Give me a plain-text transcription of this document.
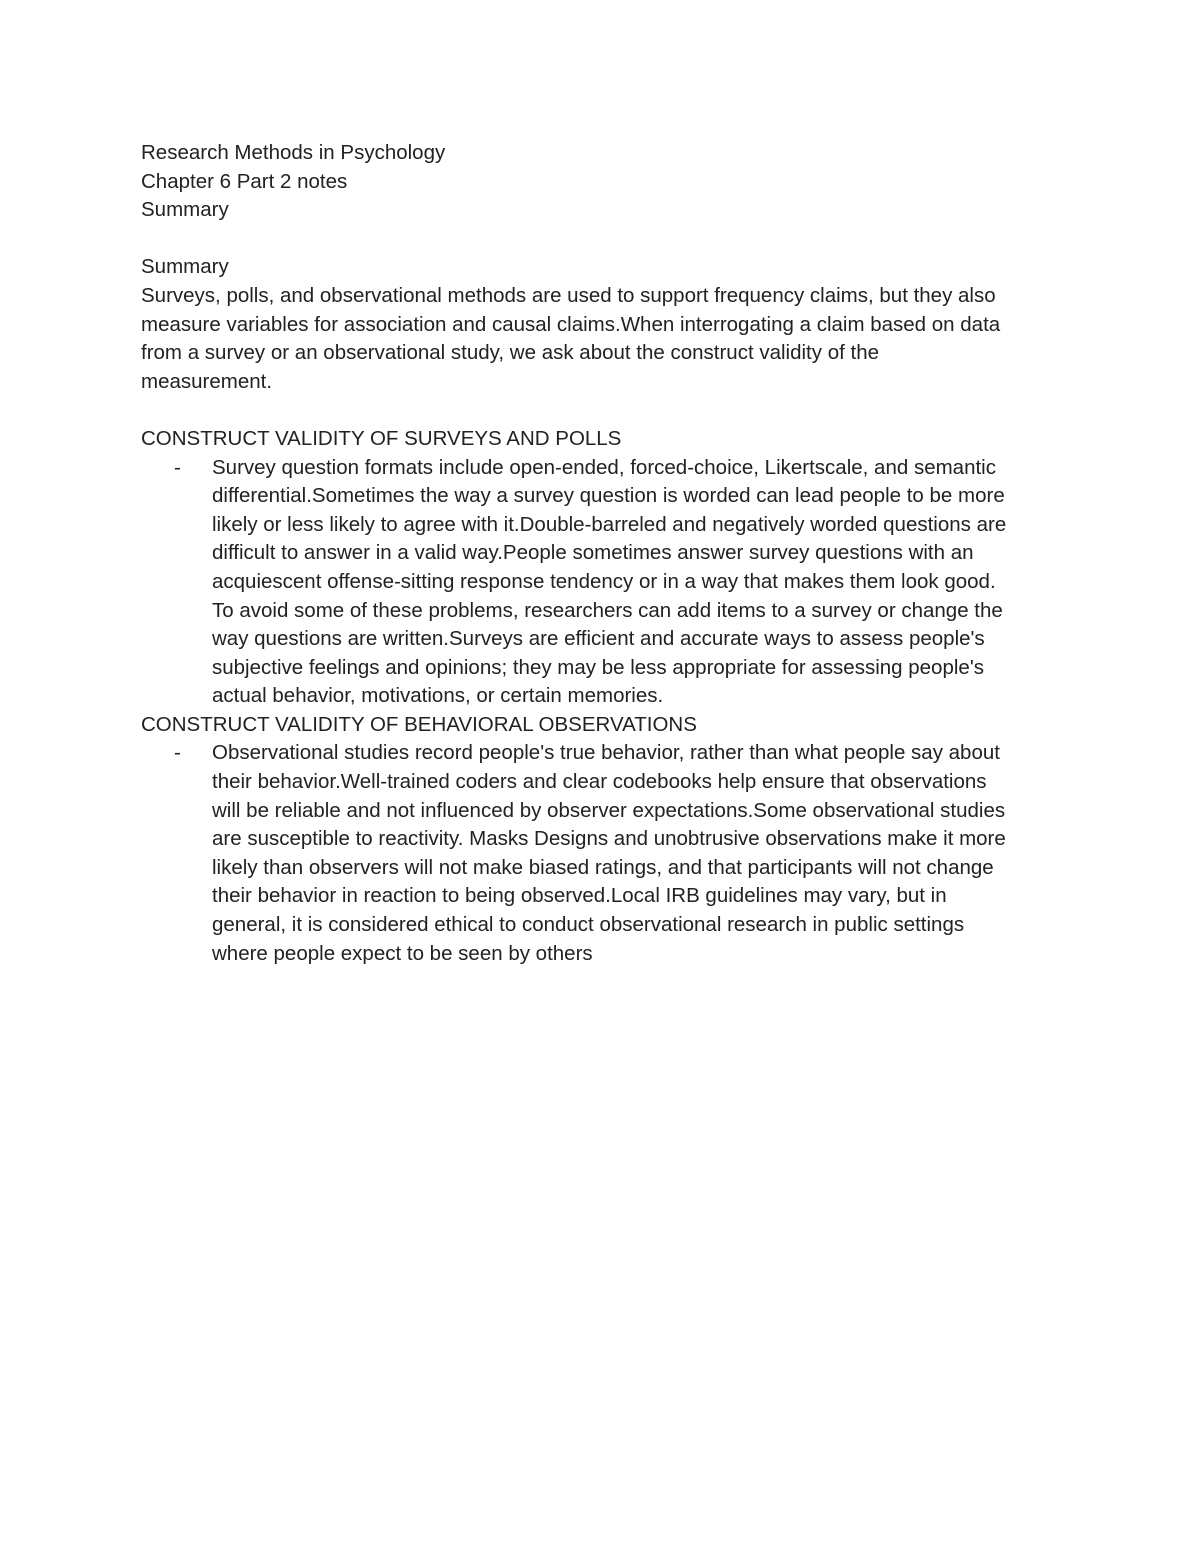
Research Methods in Psychology
Chapter 6 Part 2 notes
Summary
Summary
Surveys, polls, and observational methods are used to support frequency claims, but they also
measure variables for association and causal claims.When interrogating a claim based on data
from a survey or an observational study, we ask about the construct validity of the
measurement.
CONSTRUCT VALIDITY OF SURVEYS AND POLLS
- Survey question formats include open-ended, forced-choice, Likertscale, and semantic
differential.Sometimes the way a survey question is worded can lead people to be more
likely or less likely to agree with it.Double-barreled and negatively worded questions are
difficult to answer in a valid way.People sometimes answer survey questions with an
acquiescent offense-sitting response tendency or in a way that makes them look good.
To avoid some of these problems, researchers can add items to a survey or change the
way questions are written.Surveys are efficient and accurate ways to assess people's
subjective feelings and opinions; they may be less appropriate for assessing people's
actual behavior, motivations, or certain memories.
CONSTRUCT VALIDITY OF BEHAVIORAL OBSERVATIONS
- Observational studies record people's true behavior, rather than what people say about
their behavior.Well-trained coders and clear codebooks help ensure that observations
will be reliable and not influenced by observer expectations.Some observational studies
are susceptible to reactivity. Masks Designs and unobtrusive observations make it more
likely than observers will not make biased ratings, and that participants will not change
their behavior in reaction to being observed.Local IRB guidelines may vary, but in
general, it is considered ethical to conduct observational research in public settings
where people expect to be seen by others
